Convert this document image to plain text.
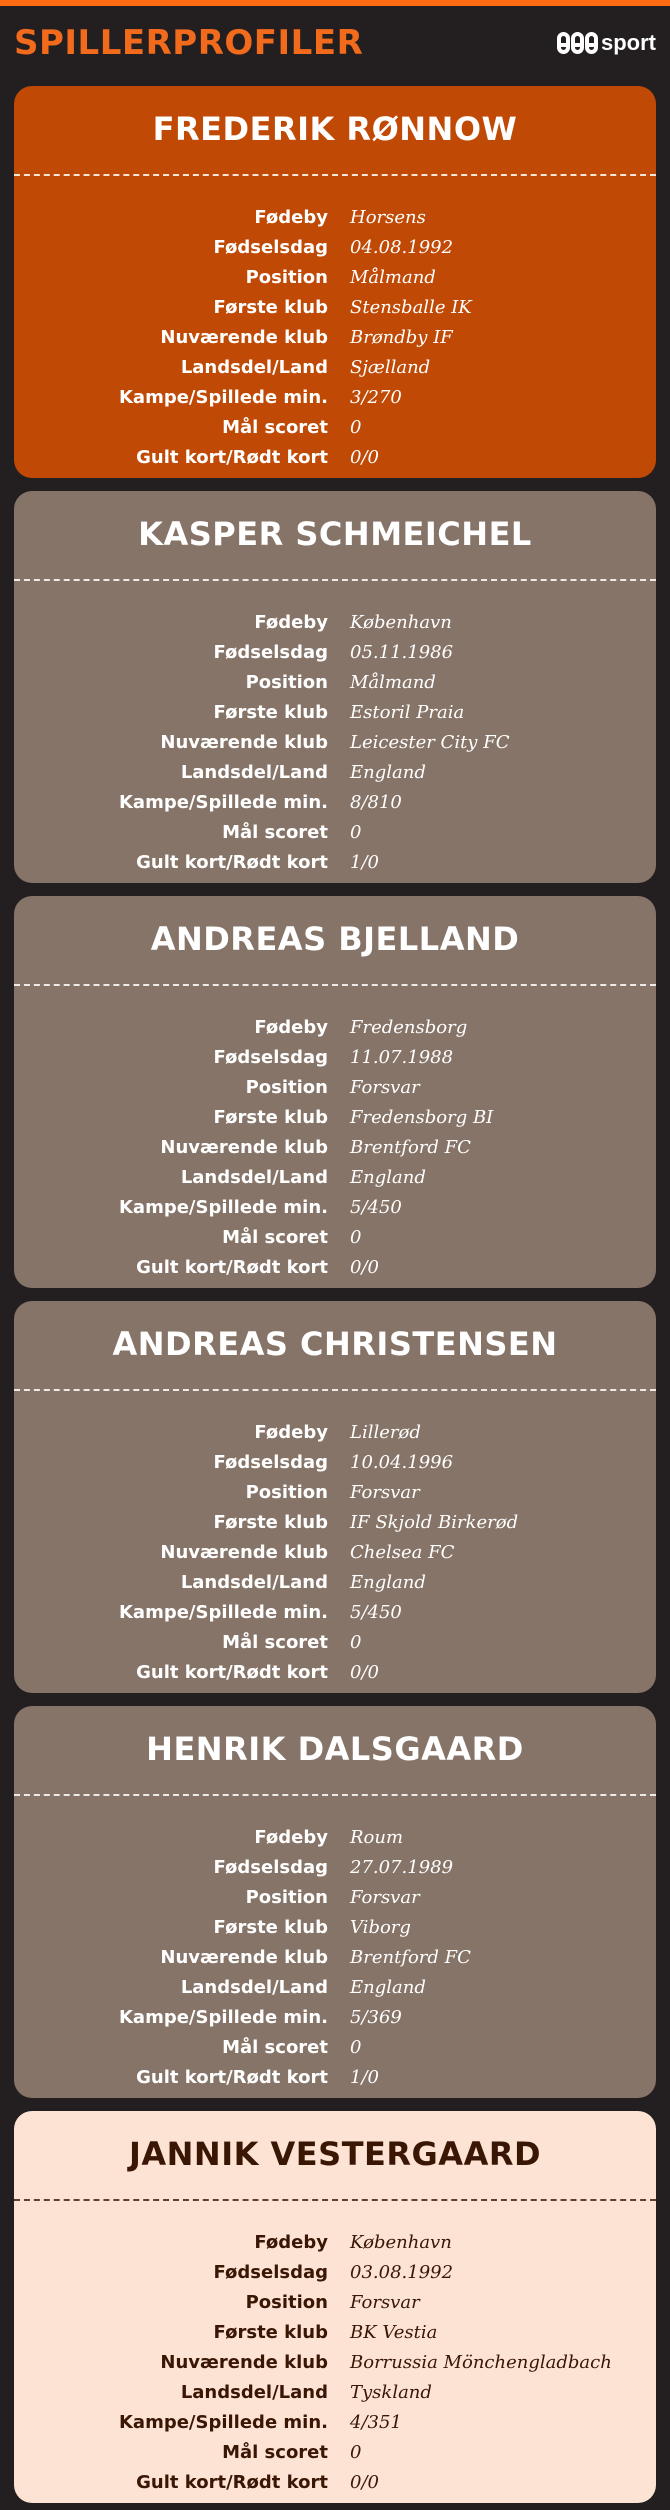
SPILLERPROFILER	sport
FREDERIK RØNNOW
Fødeby Horsens
Fødselsdag 04.08.1992
Position Målmand
Første klub Stensballe IK
Nuværende klub Brøndby IF
Landsdel/Land Sjælland
Kampe/Spillede min. 3/270
Mål scoret 0
Gult kort/Rødt kort 0/0
KASPER SCHMEICHEL
Fødeby København
Fødselsdag 05.11.1986
Position Målmand
Første klub Estoril Praia
Nuværende klub Leicester City FC
Landsdel/Land England
Kampe/Spillede min. 8/810
Mål scoret 0
Gult kort/Rødt kort 1/0
ANDREAS BJELLAND
Fødeby Fredensborg
Fødselsdag 11.07.1988
Position Forsvar
Første klub Fredensborg BI
Nuværende klub Brentford FC
Landsdel/Land England
Kampe/Spillede min. 5/450
Mål scoret 0
Gult kort/Rødt kort 0/0
ANDREAS CHRISTENSEN
Fødeby Lillerød
Fødselsdag 10.04.1996
Position Forsvar
Første klub IF Skjold Birkerød
Nuværende klub Chelsea FC
Landsdel/Land England
Kampe/Spillede min. 5/450
Mål scoret 0
Gult kort/Rødt kort 0/0
HENRIK DALSGAARD
Fødeby Roum
Fødselsdag 27.07.1989
Position Forsvar
Første klub Viborg
Nuværende klub Brentford FC
Landsdel/Land England
Kampe/Spillede min. 5/369
Mål scoret 0
Gult kort/Rødt kort 1/0
JANNIK VESTERGAARD
Fødeby København
Fødselsdag 03.08.1992
Position Forsvar
Første klub BK Vestia
Nuværende klub Borrussia Mönchengladbach
Landsdel/Land Tyskland
Kampe/Spillede min. 4/351
Mål scoret 0
Gult kort/Rødt kort 0/0
